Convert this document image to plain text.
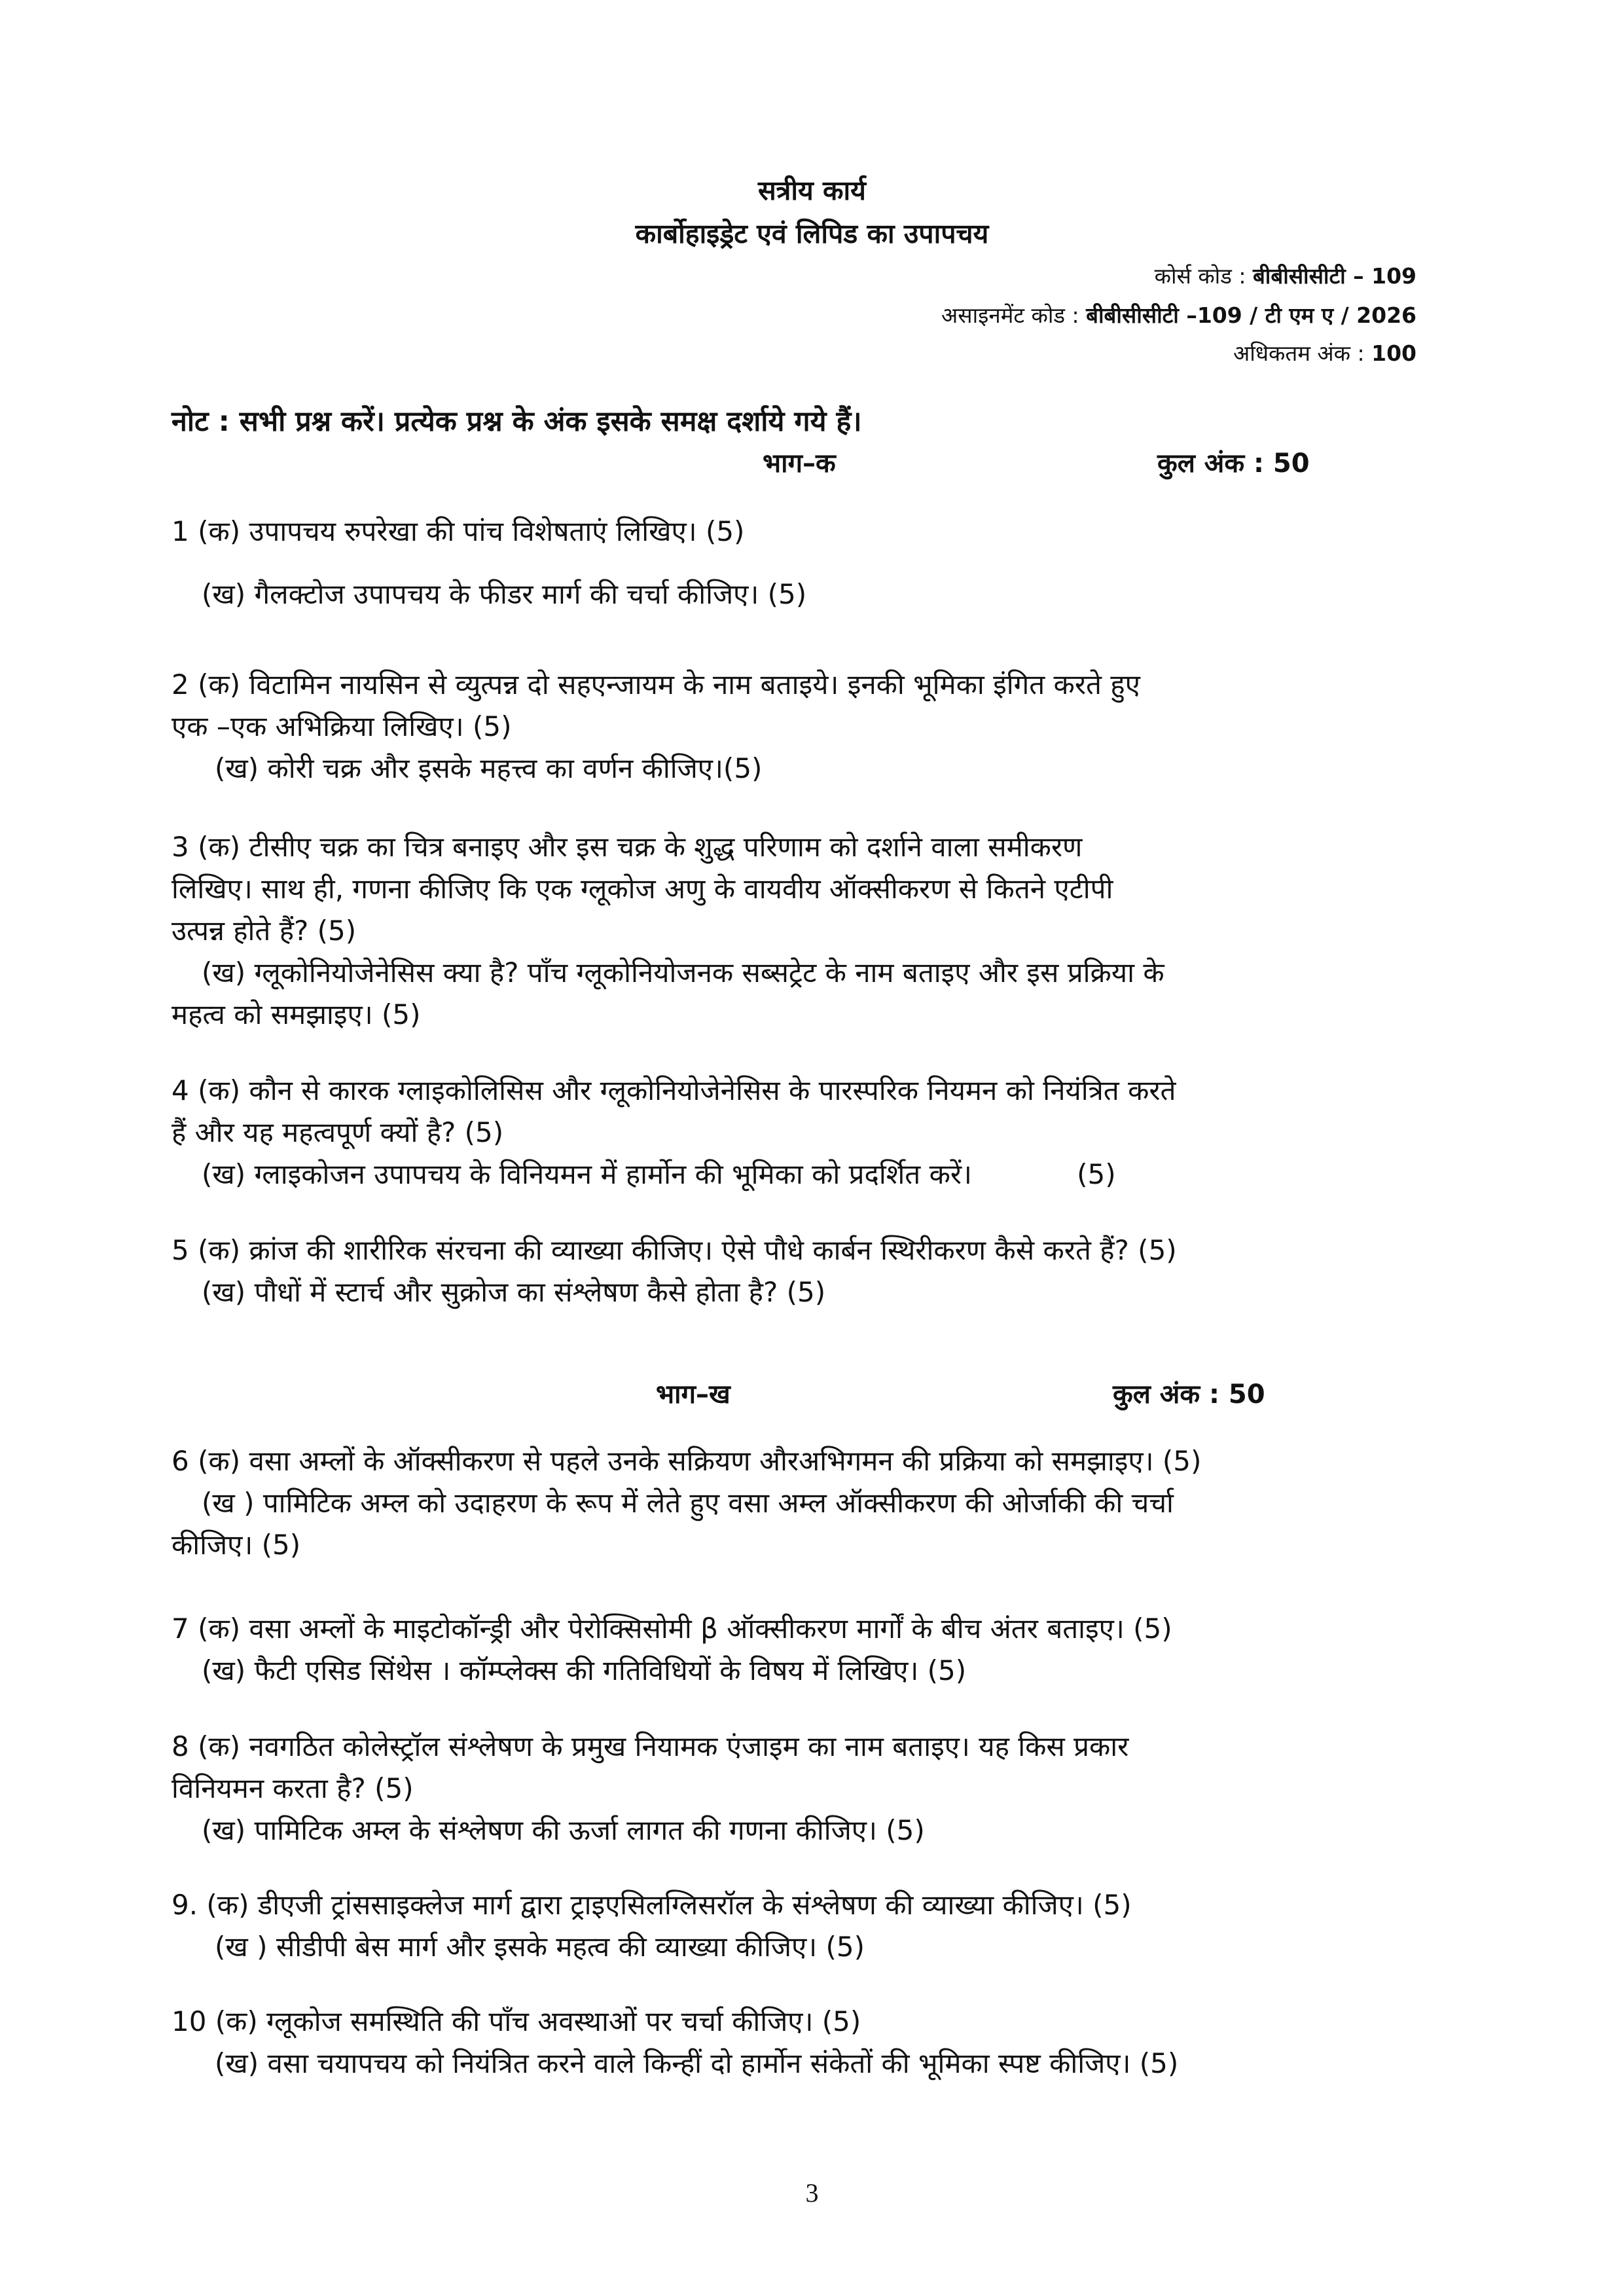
सत्रीय कार्य
कार्बोहाइड्रेट एवं लिपिड का उपापचय
कोर्स कोड : बीबीसीसीटी – 109
असाइनमेंट कोड : बीबीसीसीटी –109 / टी एम ए / 2026
अधिकतम अंक : 100
नोट : सभी प्रश्न करें। प्रत्येक प्रश्न के अंक इसके समक्ष दर्शाये गये हैं।
भाग–क	कुल अंक : 50
भाग–ख	कुल अंक : 50
1 (क) उपापचय रुपरेखा की पांच विशेषताएं लिखिए। (5)
(ख) गैलक्टोज उपापचय के फीडर मार्ग की चर्चा कीजिए। (5)
2 (क) विटामिन नायसिन से व्युत्पन्न दो सहएन्जायम के नाम बताइये। इनकी भूमिका इंगित करते हुए
एक –एक अभिक्रिया लिखिए। (5)
(ख) कोरी चक्र और इसके महत्त्व का वर्णन कीजिए।(5)
3 (क) टीसीए चक्र का चित्र बनाइए और इस चक्र के शुद्ध परिणाम को दर्शाने वाला समीकरण
लिखिए। साथ ही, गणना कीजिए कि एक ग्लूकोज अणु के वायवीय ऑक्सीकरण से कितने एटीपी
उत्पन्न होते हैं? (5)
(ख) ग्लूकोनियोजेनेसिस क्या है? पाँच ग्लूकोनियोजनक सब्सट्रेट के नाम बताइए और इस प्रक्रिया के
महत्व को समझाइए। (5)
4 (क) कौन से कारक ग्लाइकोलिसिस और ग्लूकोनियोजेनेसिस के पारस्परिक नियमन को नियंत्रित करते
हैं और यह महत्वपूर्ण क्यों है? (5)
(ख) ग्लाइकोजन उपापचय के विनियमन में हार्मोन की भूमिका को प्रदर्शित करें।            (5)
5 (क) क्रांज की शारीरिक संरचना की व्याख्या कीजिए। ऐसे पौधे कार्बन स्थिरीकरण कैसे करते हैं? (5)
(ख) पौधों में स्टार्च और सुक्रोज का संश्लेषण कैसे होता है? (5)
6 (क) वसा अम्लों के ऑक्सीकरण से पहले उनके सक्रियण औरअभिगमन की प्रक्रिया को समझाइए। (5)
(ख ) पामिटिक अम्ल को उदाहरण के रूप में लेते हुए वसा अम्ल ऑक्सीकरण की ओर्जाकी की चर्चा
कीजिए। (5)
7 (क) वसा अम्लों के माइटोकॉन्ड्री और पेरोक्सिसोमी β ऑक्सीकरण मार्गों के बीच अंतर बताइए। (5)
(ख) फैटी एसिड सिंथेस । कॉम्प्लेक्स की गतिविधियों के विषय में लिखिए। (5)
8 (क) नवगठित कोलेस्ट्रॉल संश्लेषण के प्रमुख नियामक एंजाइम का नाम बताइए। यह किस प्रकार
विनियमन करता है? (5)
(ख) पामिटिक अम्ल के संश्लेषण की ऊर्जा लागत की गणना कीजिए। (5)
9. (क) डीएजी ट्रांससाइक्लेज मार्ग द्वारा ट्राइएसिलग्लिसरॉल के संश्लेषण की व्याख्या कीजिए। (5)
(ख ) सीडीपी बेस मार्ग और इसके महत्व की व्याख्या कीजिए। (5)
10 (क) ग्लूकोज समस्थिति की पाँच अवस्थाओं पर चर्चा कीजिए। (5)
(ख) वसा चयापचय को नियंत्रित करने वाले किन्हीं दो हार्मोन संकेतों की भूमिका स्पष्ट कीजिए। (5)
3
